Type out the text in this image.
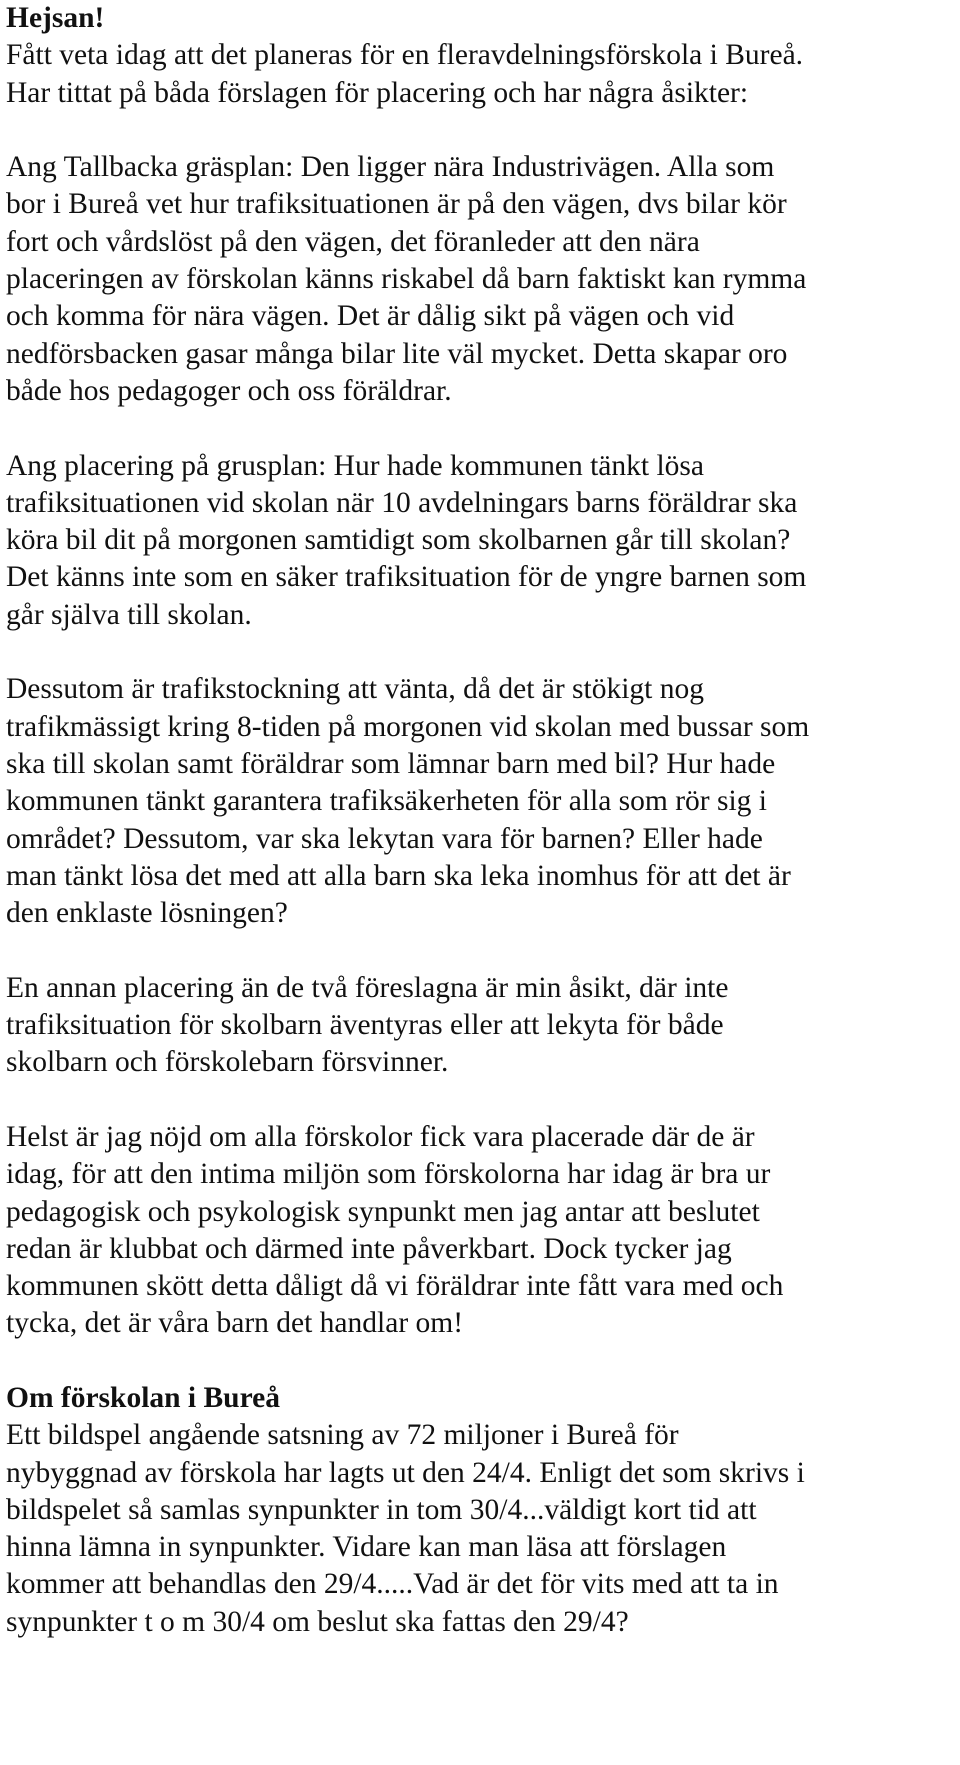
Hejsan!
Fått veta idag att det planeras för en fleravdelningsförskola i Bureå.
Har tittat på båda förslagen för placering och har några åsikter:
Ang Tallbacka gräsplan: Den ligger nära Industrivägen. Alla som
bor i Bureå vet hur trafiksituationen är på den vägen, dvs bilar kör
fort och vårdslöst på den vägen, det föranleder att den nära
placeringen av förskolan känns riskabel då barn faktiskt kan rymma
och komma för nära vägen. Det är dålig sikt på vägen och vid
nedförsbacken gasar många bilar lite väl mycket. Detta skapar oro
både hos pedagoger och oss föräldrar.
Ang placering på grusplan: Hur hade kommunen tänkt lösa
trafiksituationen vid skolan när 10 avdelningars barns föräldrar ska
köra bil dit på morgonen samtidigt som skolbarnen går till skolan?
Det känns inte som en säker trafiksituation för de yngre barnen som
går själva till skolan.
Dessutom är trafikstockning att vänta, då det är stökigt nog
trafikmässigt kring 8-tiden på morgonen vid skolan med bussar som
ska till skolan samt föräldrar som lämnar barn med bil? Hur hade
kommunen tänkt garantera trafiksäkerheten för alla som rör sig i
området? Dessutom, var ska lekytan vara för barnen? Eller hade
man tänkt lösa det med att alla barn ska leka inomhus för att det är
den enklaste lösningen?
En annan placering än de två föreslagna är min åsikt, där inte
trafiksituation för skolbarn äventyras eller att lekyta för både
skolbarn och förskolebarn försvinner.
Helst är jag nöjd om alla förskolor fick vara placerade där de är
idag, för att den intima miljön som förskolorna har idag är bra ur
pedagogisk och psykologisk synpunkt men jag antar att beslutet
redan är klubbat och därmed inte påverkbart. Dock tycker jag
kommunen skött detta dåligt då vi föräldrar inte fått vara med och
tycka, det är våra barn det handlar om!
Om förskolan i Bureå
Ett bildspel angående satsning av 72 miljoner i Bureå för
nybyggnad av förskola har lagts ut den 24/4. Enligt det som skrivs i
bildspelet så samlas synpunkter in tom 30/4...väldigt kort tid att
hinna lämna in synpunkter. Vidare kan man läsa att förslagen
kommer att behandlas den 29/4.....Vad är det för vits med att ta in
synpunkter t o m 30/4 om beslut ska fattas den 29/4?
